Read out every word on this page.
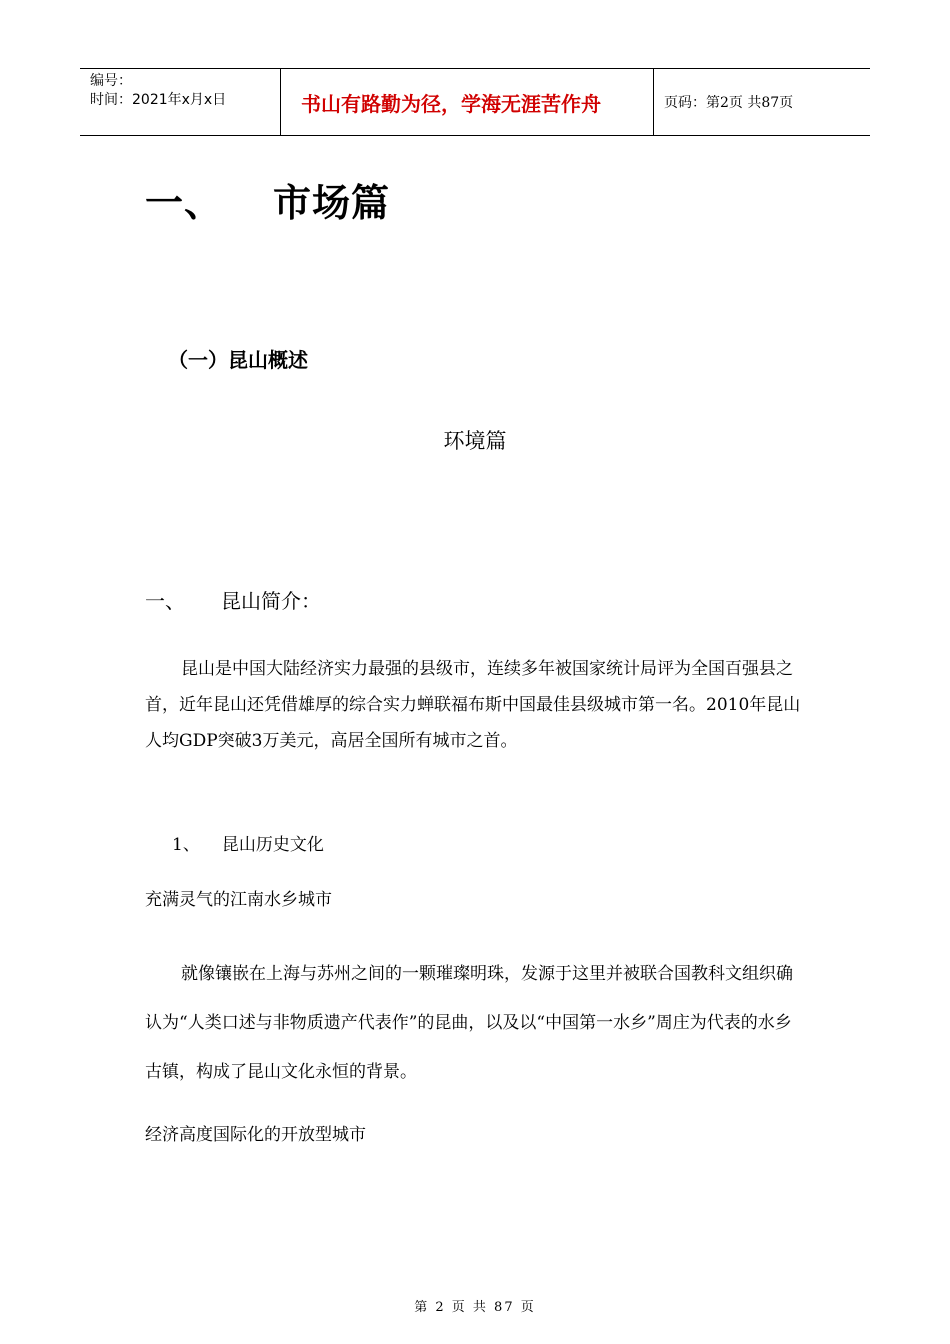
编号：
时间：2021年x月x日	书山有路勤为径，学海无涯苦作舟	页码：第2页 共87页
一、 市场篇
（一）昆山概述
环境篇
一、 昆山简介：

昆山是中国大陆经济实力最强的县级市，连续多年被国家统计局评为全国百强县之首，近年昆山还凭借雄厚的综合实力蝉联福布斯中国最佳县级城市第一名。2010年昆山人均GDP突破3万美元，高居全国所有城市之首。

1、 昆山历史文化
充满灵气的江南水乡城市

就像镶嵌在上海与苏州之间的一颗璀璨明珠，发源于这里并被联合国教科文组织确认为“人类口述与非物质遗产代表作”的昆曲，以及以“中国第一水乡”周庄为代表的水乡古镇，构成了昆山文化永恒的背景。

经济高度国际化的开放型城市
第 2 页 共 87 页
